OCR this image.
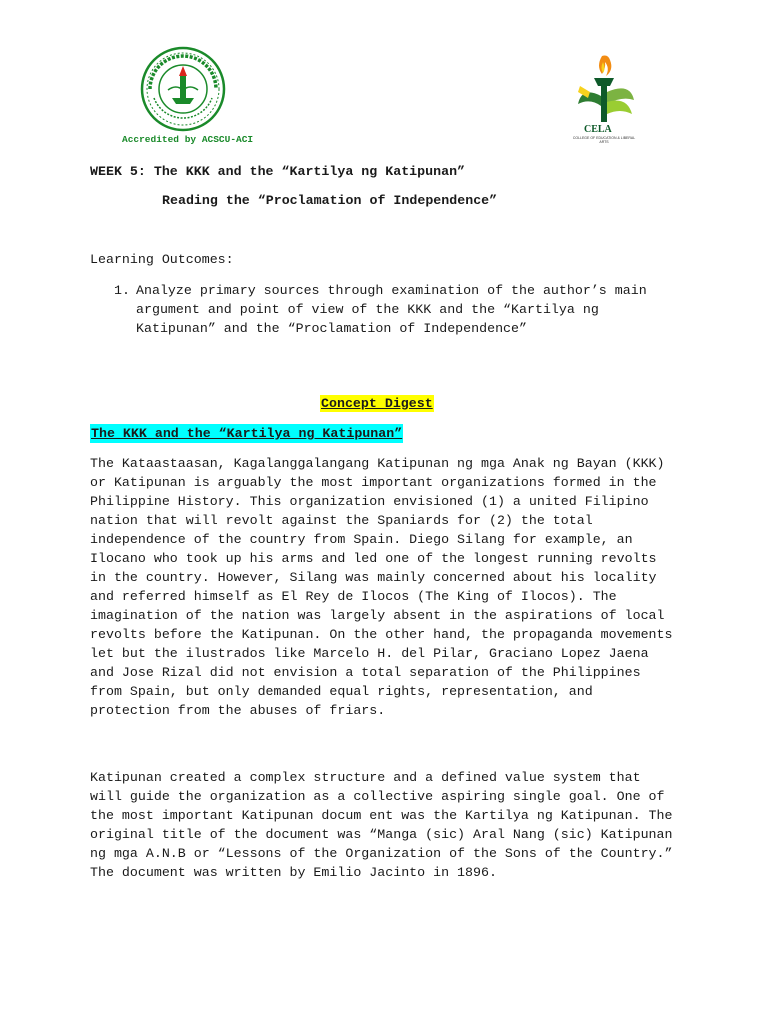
Accredited by ACSCU-ACI
CELA
COLLEGE OF EDUCATION & LIBERAL ARTS
WEEK 5: The KKK and the “Kartilya ng Katipunan”
Reading the “Proclamation of Independence”
Learning Outcomes:
1. Analyze primary sources through examination of the author’s main argument and point of view of the KKK and the “Kartilya ng Katipunan” and the “Proclamation of Independence”
Concept Digest
The KKK and the “Kartilya ng Katipunan”

The Kataastaasan, Kagalanggalangang Katipunan ng mga Anak ng Bayan (KKK) or Katipunan is arguably the most important organizations formed in the Philippine History. This organization envisioned (1) a united Filipino nation that will revolt against the Spaniards for (2) the total independence of the country from Spain. Diego Silang for example, an Ilocano who took up his arms and led one of the longest running revolts in the country. However, Silang was mainly concerned about his locality and referred himself as El Rey de Ilocos (The King of Ilocos). The imagination of the nation was largely absent in the aspirations of local revolts before the Katipunan. On the other hand, the propaganda movements let but the ilustrados like Marcelo H. del Pilar, Graciano Lopez Jaena and Jose Rizal did not envision a total separation of the Philippines from Spain, but only demanded equal rights, representation, and protection from the abuses of friars.

Katipunan created a complex structure and a defined value system that will guide the organization as a collective aspiring single goal. One of the most important Katipunan docum ent was the Kartilya ng Katipunan. The original title of the document was “Manga (sic) Aral Nang (sic) Katipunan ng mga A.N.B or “Lessons of the Organization of the Sons of the Country.” The document was written by Emilio Jacinto in 1896.
